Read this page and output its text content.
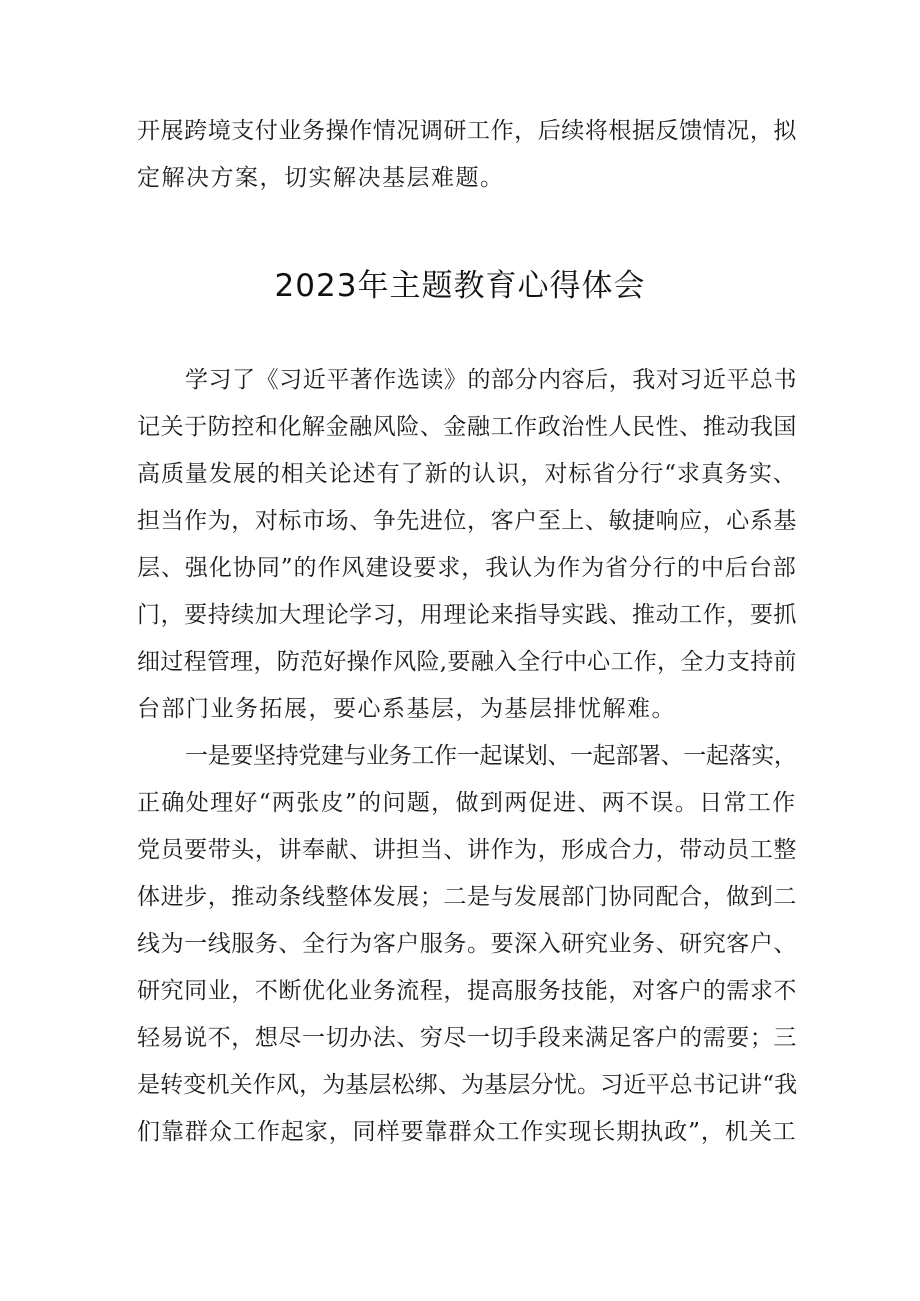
开展跨境支付业务操作情况调研工作，后续将根据反馈情况，拟
定解决方案，切实解决基层难题。
2023年主题教育心得体会
学习了《习近平著作选读》的部分内容后，我对习近平总书
记关于防控和化解金融风险、金融工作政治性人民性、推动我国
高质量发展的相关论述有了新的认识，对标省分行“求真务实、
担当作为，对标市场、争先进位，客户至上、敏捷响应，心系基
层、强化协同”的作风建设要求，我认为作为省分行的中后台部
门，要持续加大理论学习，用理论来指导实践、推动工作，要抓
细过程管理，防范好操作风险,要融入全行中心工作，全力支持前
台部门业务拓展，要心系基层，为基层排忧解难。
一是要坚持党建与业务工作一起谋划、一起部署、一起落实，
正确处理好“两张皮”的问题，做到两促进、两不误。日常工作
党员要带头，讲奉献、讲担当、讲作为，形成合力，带动员工整
体进步，推动条线整体发展；二是与发展部门协同配合，做到二
线为一线服务、全行为客户服务。要深入研究业务、研究客户、
研究同业，不断优化业务流程，提高服务技能，对客户的需求不
轻易说不，想尽一切办法、穷尽一切手段来满足客户的需要；三
是转变机关作风，为基层松绑、为基层分忧。习近平总书记讲“我
们靠群众工作起家，同样要靠群众工作实现长期执政”，机关工
